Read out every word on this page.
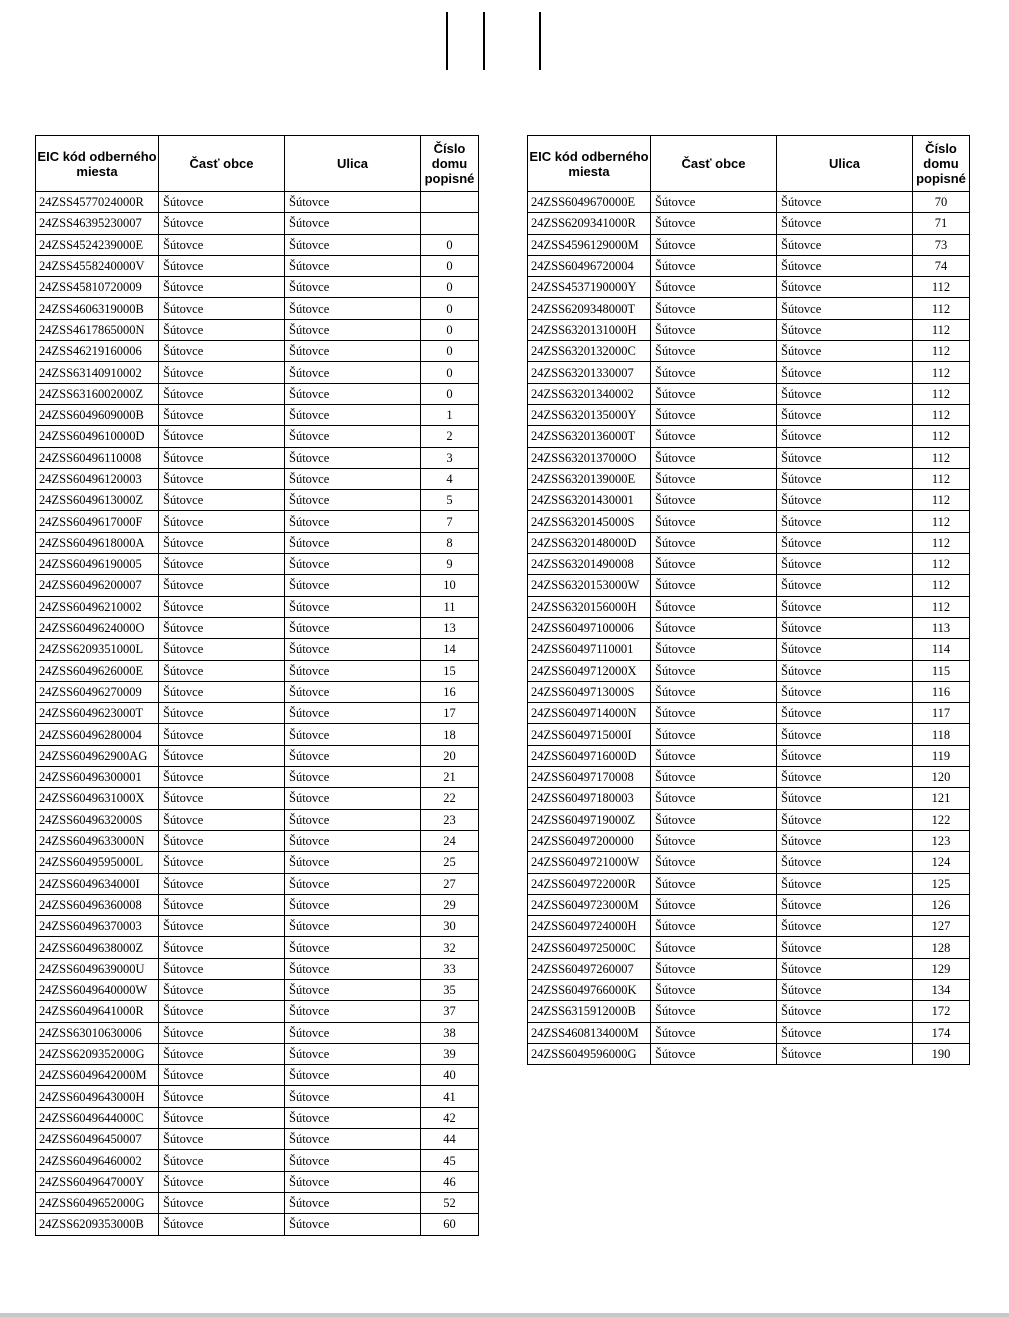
EIC kód odberného miesta	Časť obce	Ulica	Číslo domu popisné
24ZSS4577024000R	Šútovce	Šútovce	
24ZSS46395230007	Šútovce	Šútovce	
24ZSS4524239000E	Šútovce	Šútovce	0
24ZSS4558240000V	Šútovce	Šútovce	0
24ZSS45810720009	Šútovce	Šútovce	0
24ZSS4606319000B	Šútovce	Šútovce	0
24ZSS4617865000N	Šútovce	Šútovce	0
24ZSS46219160006	Šútovce	Šútovce	0
24ZSS63140910002	Šútovce	Šútovce	0
24ZSS6316002000Z	Šútovce	Šútovce	0
24ZSS6049609000B	Šútovce	Šútovce	1
24ZSS6049610000D	Šútovce	Šútovce	2
24ZSS60496110008	Šútovce	Šútovce	3
24ZSS60496120003	Šútovce	Šútovce	4
24ZSS6049613000Z	Šútovce	Šútovce	5
24ZSS6049617000F	Šútovce	Šútovce	7
24ZSS6049618000A	Šútovce	Šútovce	8
24ZSS60496190005	Šútovce	Šútovce	9
24ZSS60496200007	Šútovce	Šútovce	10
24ZSS60496210002	Šútovce	Šútovce	11
24ZSS6049624000O	Šútovce	Šútovce	13
24ZSS6209351000L	Šútovce	Šútovce	14
24ZSS6049626000E	Šútovce	Šútovce	15
24ZSS60496270009	Šútovce	Šútovce	16
24ZSS6049623000T	Šútovce	Šútovce	17
24ZSS60496280004	Šútovce	Šútovce	18
24ZSS604962900AG	Šútovce	Šútovce	20
24ZSS60496300001	Šútovce	Šútovce	21
24ZSS6049631000X	Šútovce	Šútovce	22
24ZSS6049632000S	Šútovce	Šútovce	23
24ZSS6049633000N	Šútovce	Šútovce	24
24ZSS6049595000L	Šútovce	Šútovce	25
24ZSS6049634000I	Šútovce	Šútovce	27
24ZSS60496360008	Šútovce	Šútovce	29
24ZSS60496370003	Šútovce	Šútovce	30
24ZSS6049638000Z	Šútovce	Šútovce	32
24ZSS6049639000U	Šútovce	Šútovce	33
24ZSS6049640000W	Šútovce	Šútovce	35
24ZSS6049641000R	Šútovce	Šútovce	37
24ZSS63010630006	Šútovce	Šútovce	38
24ZSS6209352000G	Šútovce	Šútovce	39
24ZSS6049642000M	Šútovce	Šútovce	40
24ZSS6049643000H	Šútovce	Šútovce	41
24ZSS6049644000C	Šútovce	Šútovce	42
24ZSS60496450007	Šútovce	Šútovce	44
24ZSS60496460002	Šútovce	Šútovce	45
24ZSS6049647000Y	Šútovce	Šútovce	46
24ZSS6049652000G	Šútovce	Šútovce	52
24ZSS6209353000B	Šútovce	Šútovce	60
EIC kód odberného miesta	Časť obce	Ulica	Číslo domu popisné
24ZSS6049670000E	Šútovce	Šútovce	70
24ZSS6209341000R	Šútovce	Šútovce	71
24ZSS4596129000M	Šútovce	Šútovce	73
24ZSS60496720004	Šútovce	Šútovce	74
24ZSS4537190000Y	Šútovce	Šútovce	112
24ZSS6209348000T	Šútovce	Šútovce	112
24ZSS6320131000H	Šútovce	Šútovce	112
24ZSS6320132000C	Šútovce	Šútovce	112
24ZSS63201330007	Šútovce	Šútovce	112
24ZSS63201340002	Šútovce	Šútovce	112
24ZSS6320135000Y	Šútovce	Šútovce	112
24ZSS6320136000T	Šútovce	Šútovce	112
24ZSS6320137000O	Šútovce	Šútovce	112
24ZSS6320139000E	Šútovce	Šútovce	112
24ZSS63201430001	Šútovce	Šútovce	112
24ZSS6320145000S	Šútovce	Šútovce	112
24ZSS6320148000D	Šútovce	Šútovce	112
24ZSS63201490008	Šútovce	Šútovce	112
24ZSS6320153000W	Šútovce	Šútovce	112
24ZSS6320156000H	Šútovce	Šútovce	112
24ZSS60497100006	Šútovce	Šútovce	113
24ZSS60497110001	Šútovce	Šútovce	114
24ZSS6049712000X	Šútovce	Šútovce	115
24ZSS6049713000S	Šútovce	Šútovce	116
24ZSS6049714000N	Šútovce	Šútovce	117
24ZSS6049715000I	Šútovce	Šútovce	118
24ZSS6049716000D	Šútovce	Šútovce	119
24ZSS60497170008	Šútovce	Šútovce	120
24ZSS60497180003	Šútovce	Šútovce	121
24ZSS6049719000Z	Šútovce	Šútovce	122
24ZSS60497200000	Šútovce	Šútovce	123
24ZSS6049721000W	Šútovce	Šútovce	124
24ZSS6049722000R	Šútovce	Šútovce	125
24ZSS6049723000M	Šútovce	Šútovce	126
24ZSS6049724000H	Šútovce	Šútovce	127
24ZSS6049725000C	Šútovce	Šútovce	128
24ZSS60497260007	Šútovce	Šútovce	129
24ZSS6049766000K	Šútovce	Šútovce	134
24ZSS6315912000B	Šútovce	Šútovce	172
24ZSS4608134000M	Šútovce	Šútovce	174
24ZSS6049596000G	Šútovce	Šútovce	190
